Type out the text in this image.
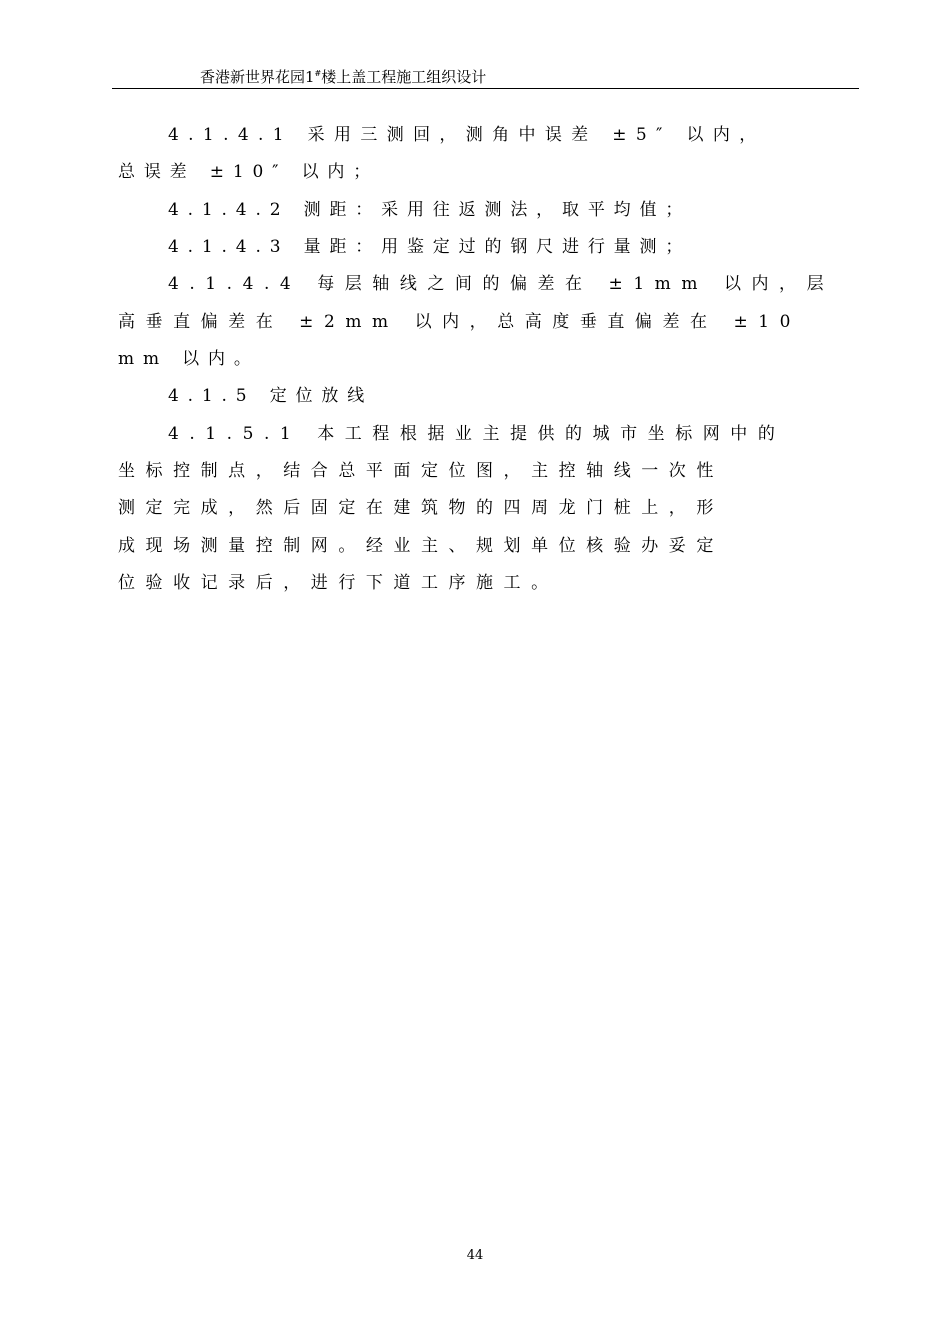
香港新世界花园1#楼上盖工程施工组织设计
4.1.4.1 采用三测回，测角中误差 ±5″ 以内，
总误差 ±10″ 以内；
4.1.4.2 测距：采用往返测法，取平均值；
4.1.4.3 量距：用鉴定过的钢尺进行量测；
4.1.4.4 每层轴线之间的偏差在 ±1mm 以内，层
高垂直偏差在 ±2mm 以内，总高度垂直偏差在 ±10
mm 以内。
4.1.5 定位放线
4.1.5.1 本工程根据业主提供的城市坐标网中的
坐标控制点，结合总平面定位图，主控轴线一次性
测定完成，然后固定在建筑物的四周龙门桩上，形
成现场测量控制网。经业主、规划单位核验办妥定
位验收记录后，进行下道工序施工。
44
